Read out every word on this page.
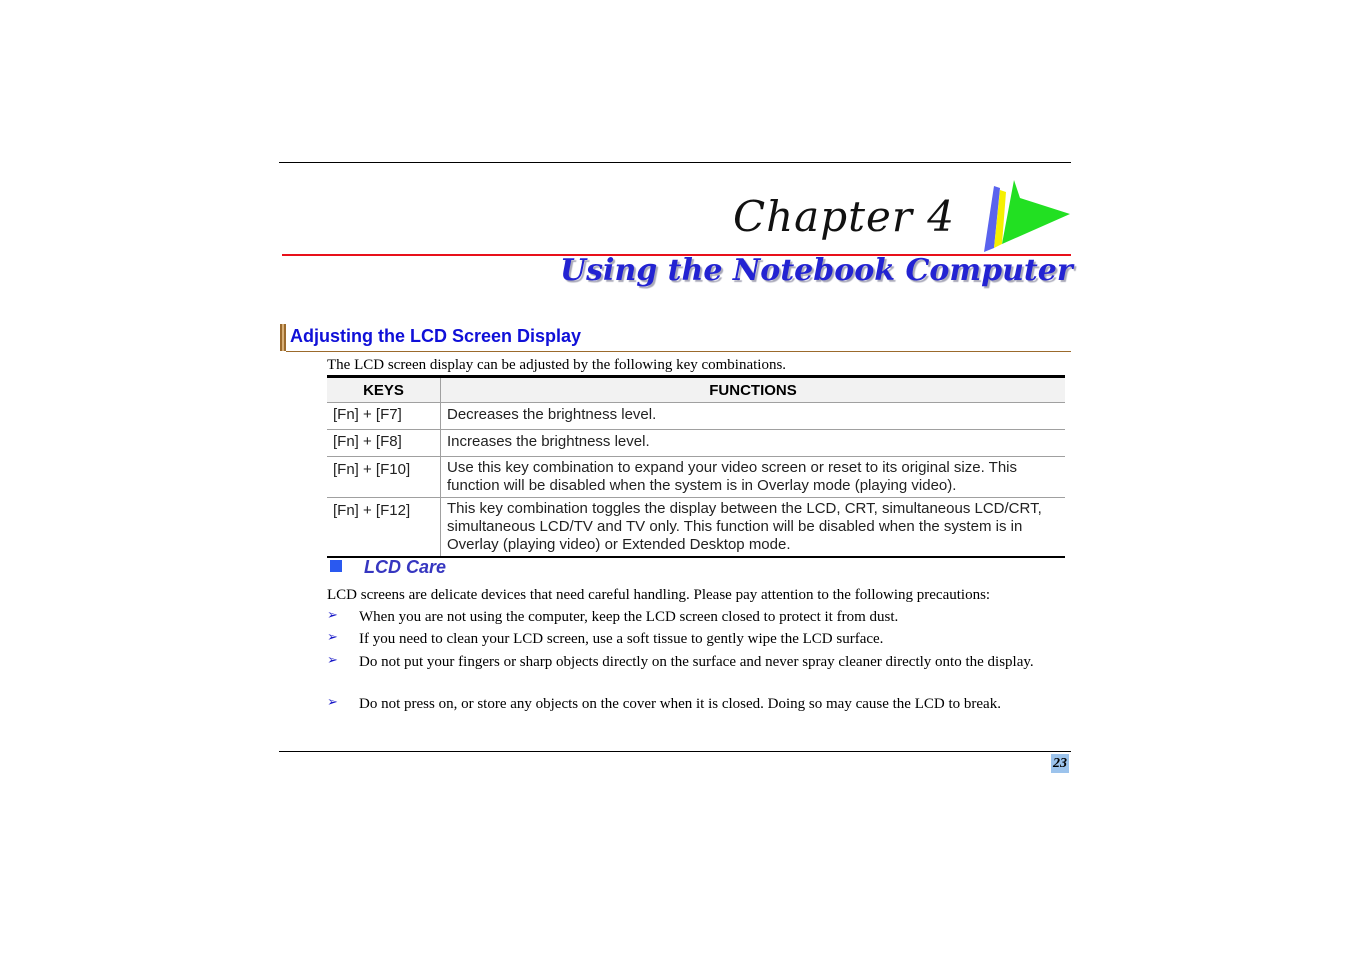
Chapter 4
Using the Notebook Computer
Adjusting the LCD Screen Display
The LCD screen display can be adjusted by the following key combinations.
KEYS	FUNCTIONS
[Fn] + [F7]	Decreases the brightness level.
[Fn] + [F8]	Increases the brightness level.
[Fn] + [F10]	Use this key combination to expand your video screen or reset to its original size. This function will be disabled when the system is in Overlay mode (playing video).
[Fn] + [F12]	This key combination toggles the display between the LCD, CRT, simultaneous LCD/CRT, simultaneous LCD/TV and TV only. This function will be disabled when the system is in Overlay (playing video) or Extended Desktop mode.
LCD Care
LCD screens are delicate devices that need careful handling. Please pay attention to the following precautions:
➢ When you are not using the computer, keep the LCD screen closed to protect it from dust.
➢ If you need to clean your LCD screen, use a soft tissue to gently wipe the LCD surface.
➢ Do not put your fingers or sharp objects directly on the surface and never spray cleaner directly onto the display.
➢ Do not press on, or store any objects on the cover when it is closed. Doing so may cause the LCD to break.
23
